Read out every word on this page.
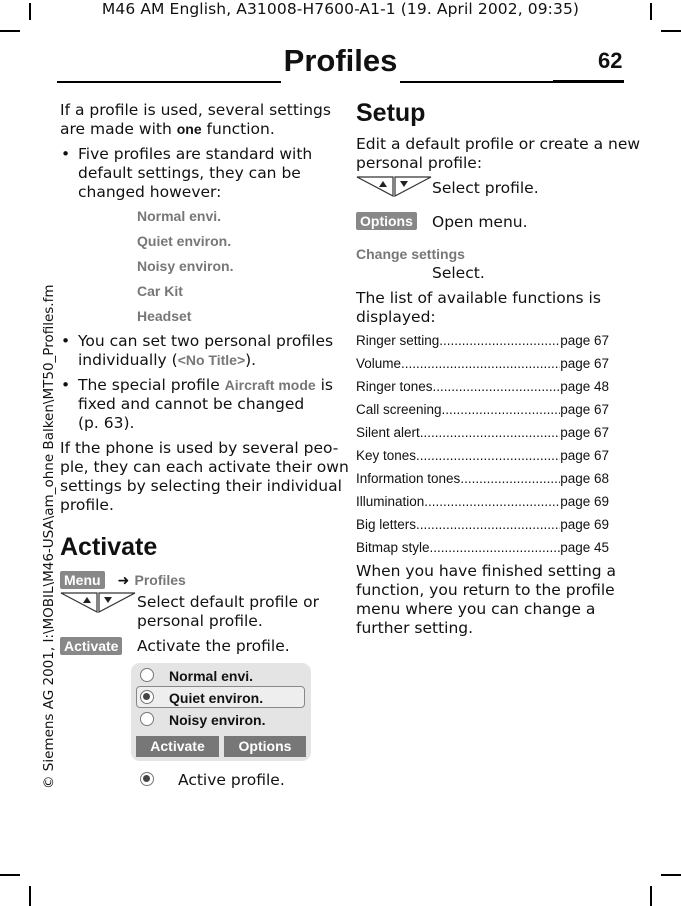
M46 AM English, A31008-H7600-A1-1 (19. April 2002, 09:35)
Profiles	62
© Siemens AG 2001, I:\MOBIL\M46-USA\am_ohne Balken\MT50_Profiles.fm
If a profile is used, several settings
are made with one function.
• Five profiles are standard with
default settings, they can be
changed however:
Normal envi.
Quiet environ.
Noisy environ.
Car Kit
Headset
• You can set two personal profiles
individually (<No Title>).
• The special profile Aircraft mode is
fixed and cannot be changed
(p. 63).
If the phone is used by several peo-
ple, they can each activate their own
settings by selecting their individual
profile.
Activate
Menu ➜ Profiles
Select default profile or
personal profile.
Activate Activate the profile.
Normal envi.
Quiet environ.
Noisy environ.
Activate	Options
Active profile.
Setup
Edit a default profile or create a new
personal profile:
Select profile.
Options Open menu.
Change settings
Select.
The list of available functions is
displayed:
Ringer setting .....	page 67
Volume .....	page 67
Ringer tones .....	page 48
Call screening .....	page 67
Silent alert .....	page 67
Key tones .....	page 67
Information tones .....	page 68
Illumination .....	page 69
Big letters .....	page 69
Bitmap style .....	page 45
When you have finished setting a
function, you return to the profile
menu where you can change a
further setting.
